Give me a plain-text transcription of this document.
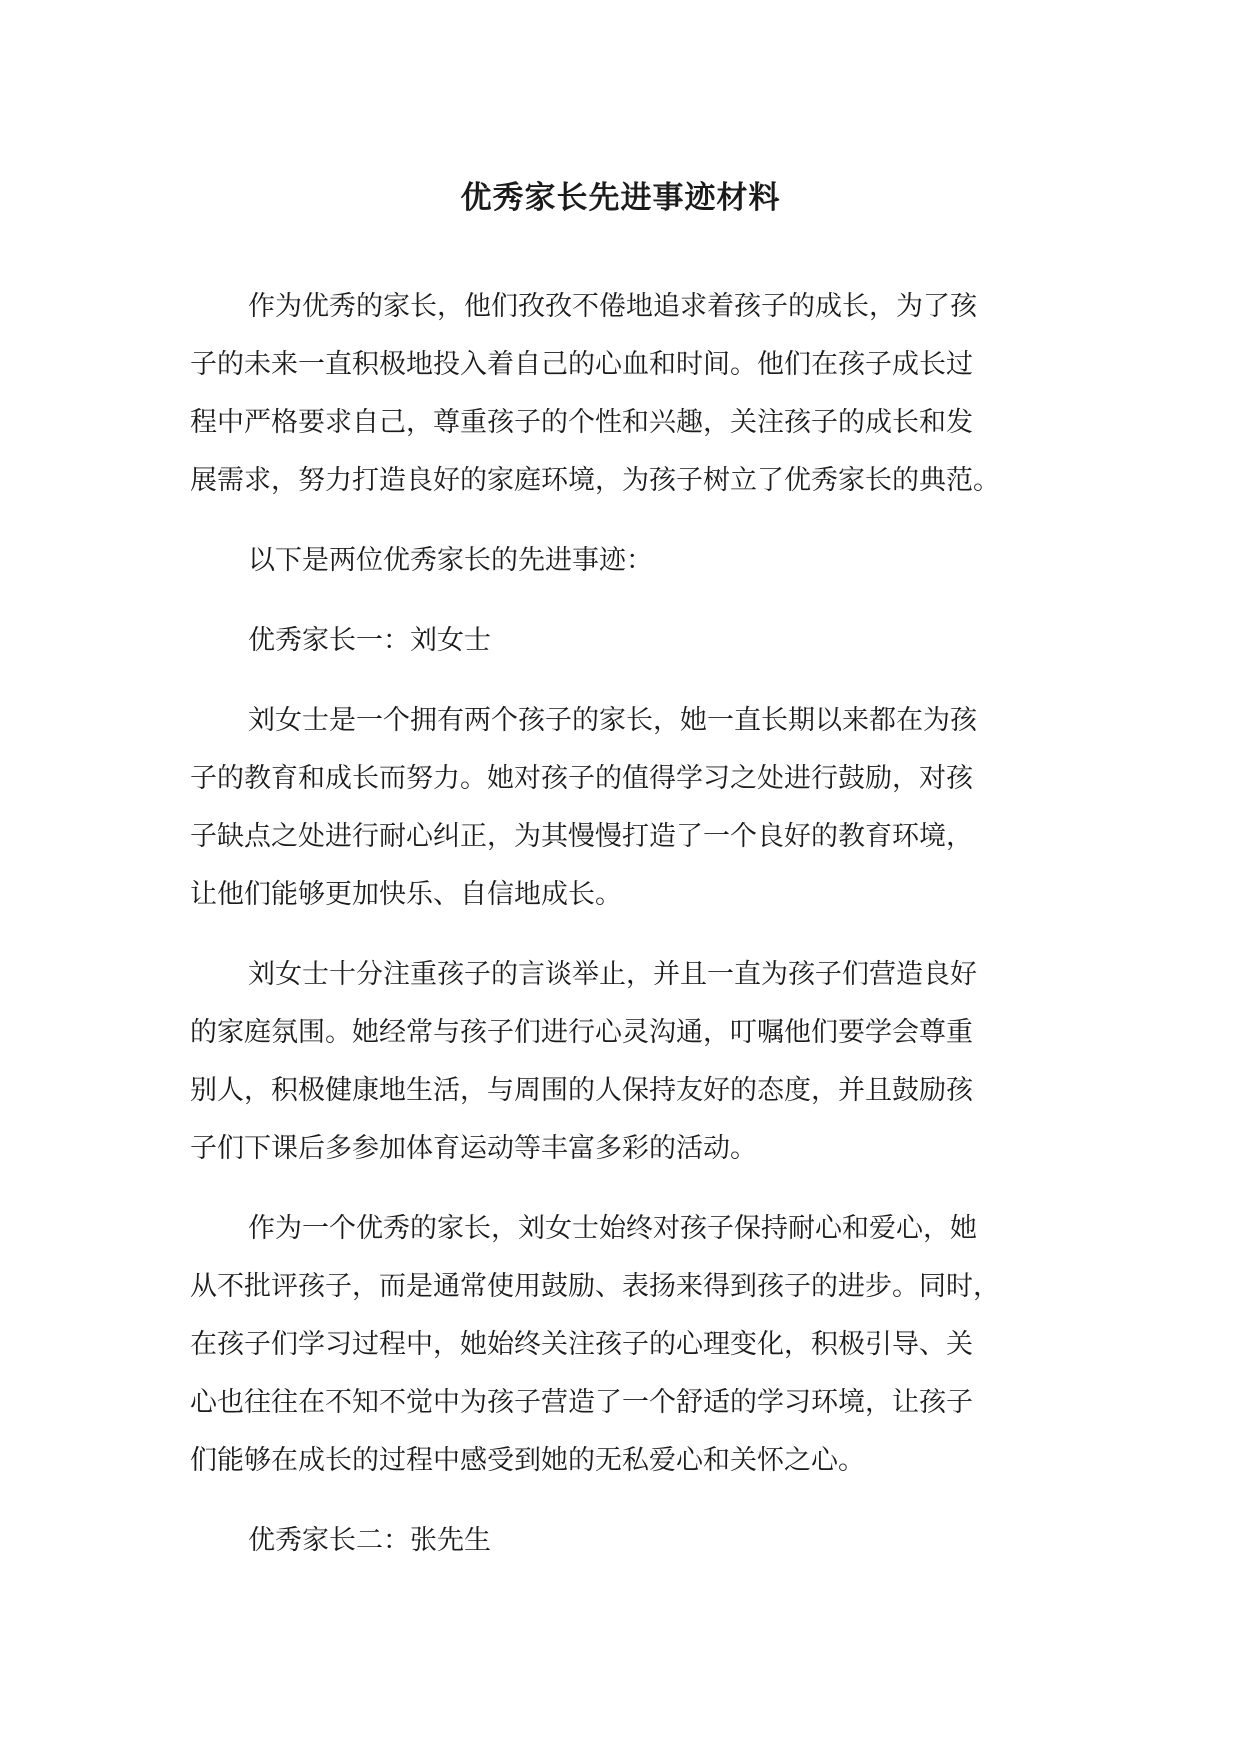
优秀家长先进事迹材料
作为优秀的家长，他们孜孜不倦地追求着孩子的成长，为了孩
子的未来一直积极地投入着自己的心血和时间。他们在孩子成长过
程中严格要求自己，尊重孩子的个性和兴趣，关注孩子的成长和发
展需求，努力打造良好的家庭环境，为孩子树立了优秀家长的典范。
以下是两位优秀家长的先进事迹：
优秀家长一：刘女士
刘女士是一个拥有两个孩子的家长，她一直长期以来都在为孩
子的教育和成长而努力。她对孩子的值得学习之处进行鼓励，对孩
子缺点之处进行耐心纠正，为其慢慢打造了一个良好的教育环境，
让他们能够更加快乐、自信地成长。
刘女士十分注重孩子的言谈举止，并且一直为孩子们营造良好
的家庭氛围。她经常与孩子们进行心灵沟通，叮嘱他们要学会尊重
别人，积极健康地生活，与周围的人保持友好的态度，并且鼓励孩
子们下课后多参加体育运动等丰富多彩的活动。
作为一个优秀的家长，刘女士始终对孩子保持耐心和爱心，她
从不批评孩子，而是通常使用鼓励、表扬来得到孩子的进步。同时，
在孩子们学习过程中，她始终关注孩子的心理变化，积极引导、关
心也往往在不知不觉中为孩子营造了一个舒适的学习环境，让孩子
们能够在成长的过程中感受到她的无私爱心和关怀之心。
优秀家长二：张先生
